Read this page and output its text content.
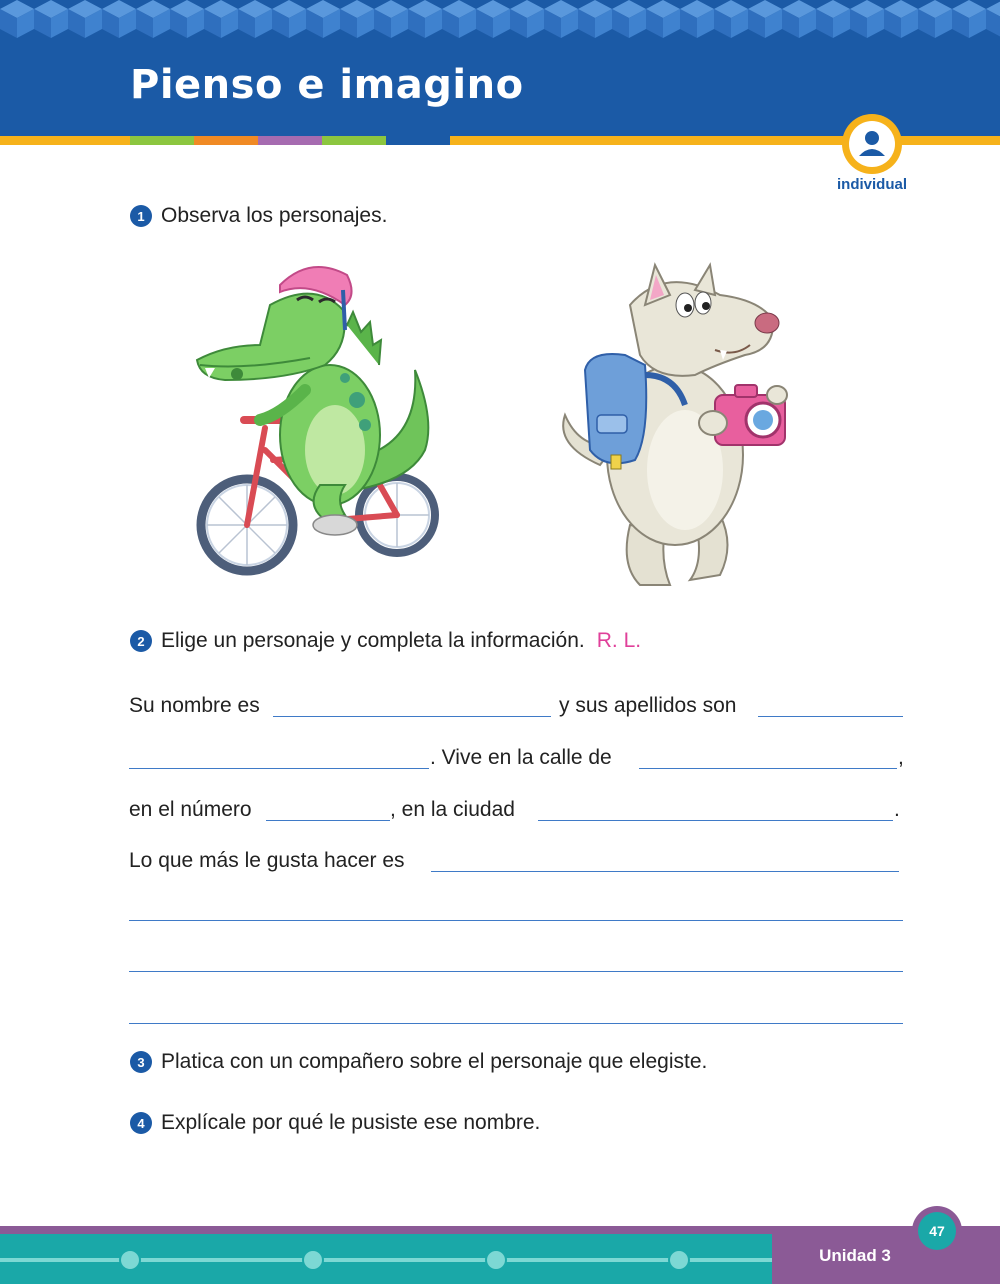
Pienso e imagino
individual
1 Observa los personajes.
2 Elige un personaje y completa la información. R. L.
Su nombre es	y sus apellidos son
. Vive en la calle de	,
en el número	, en la ciudad	.
Lo que más le gusta hacer es
3 Platica con un compañero sobre el personaje que elegiste.
4 Explícale por qué le pusiste ese nombre.
47
Unidad 3
